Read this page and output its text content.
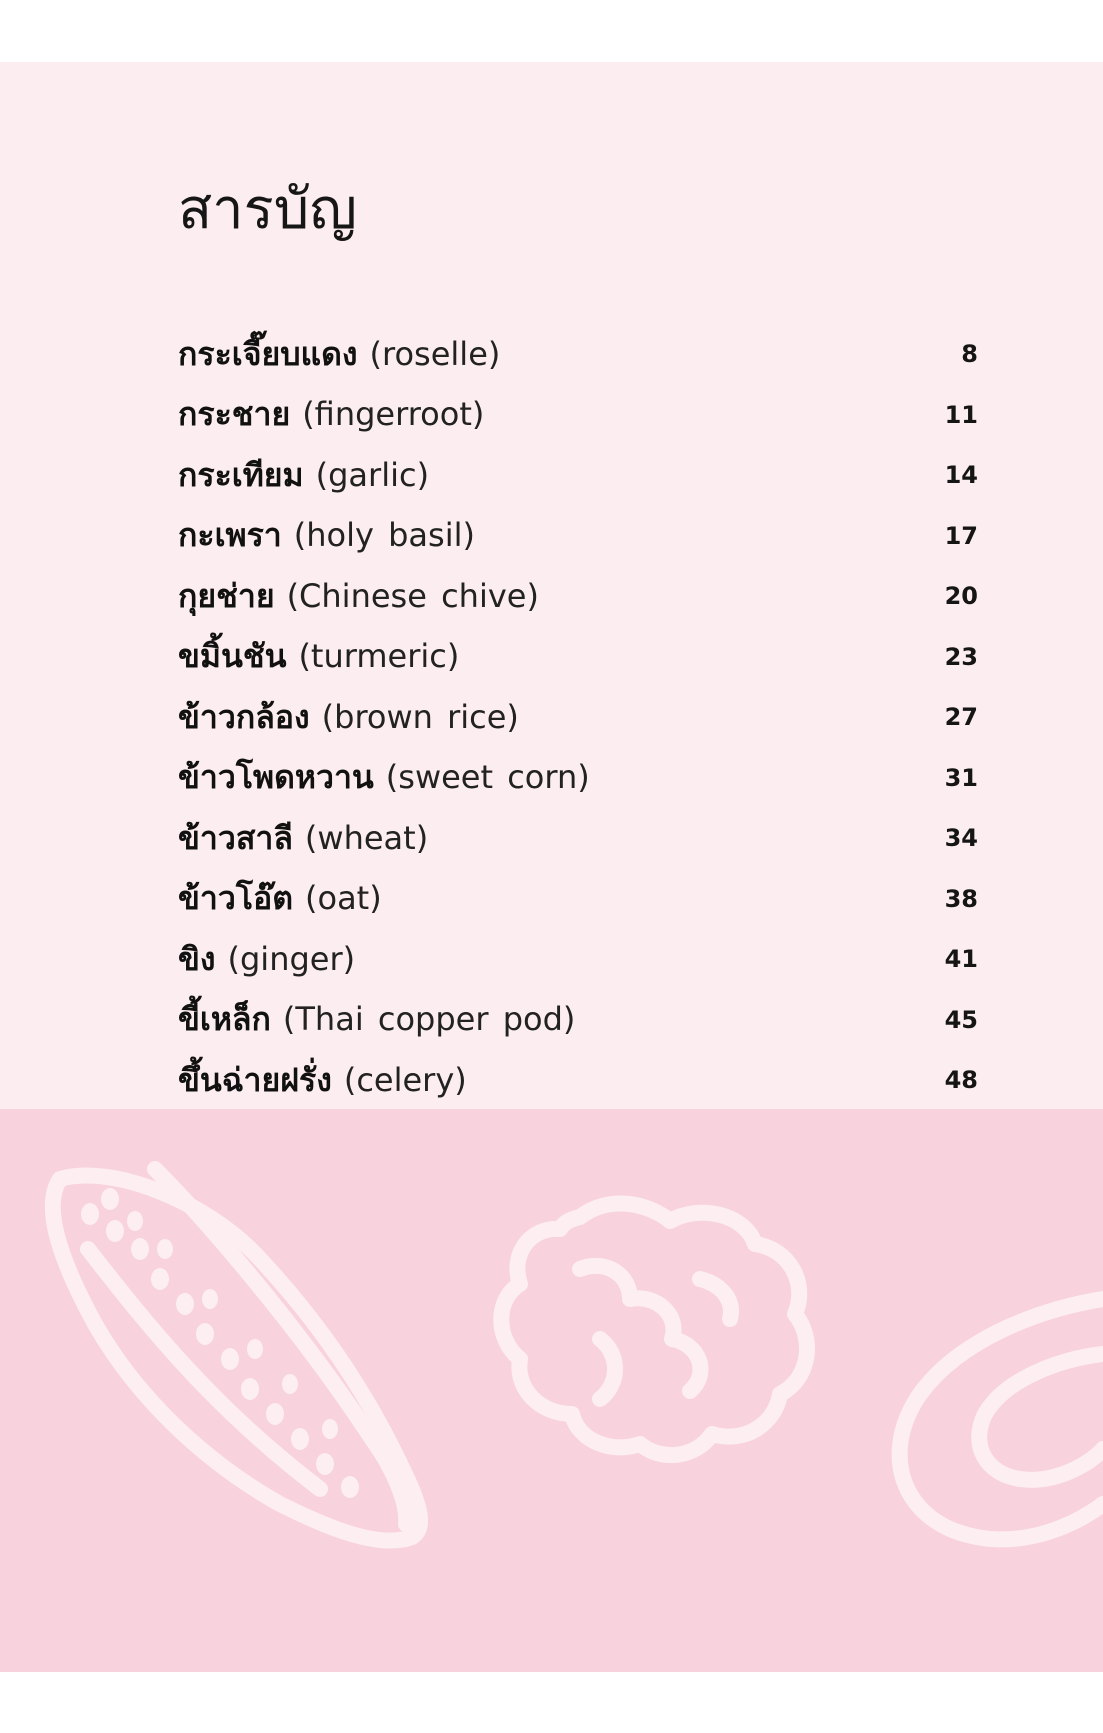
สารบัญ
กระเจี๊ยบแดง (roselle)	8
กระชาย (fingerroot)	11
กระเทียม (garlic)	14
กะเพรา (holy basil)	17
กุยช่าย (Chinese chive)	20
ขมิ้นชัน (turmeric)	23
ข้าวกล้อง (brown rice)	27
ข้าวโพดหวาน (sweet corn)	31
ข้าวสาลี (wheat)	34
ข้าวโอ๊ต (oat)	38
ขิง (ginger)	41
ขี้เหล็ก (Thai copper pod)	45
ขึ้นฉ่ายฝรั่ง (celery)	48
